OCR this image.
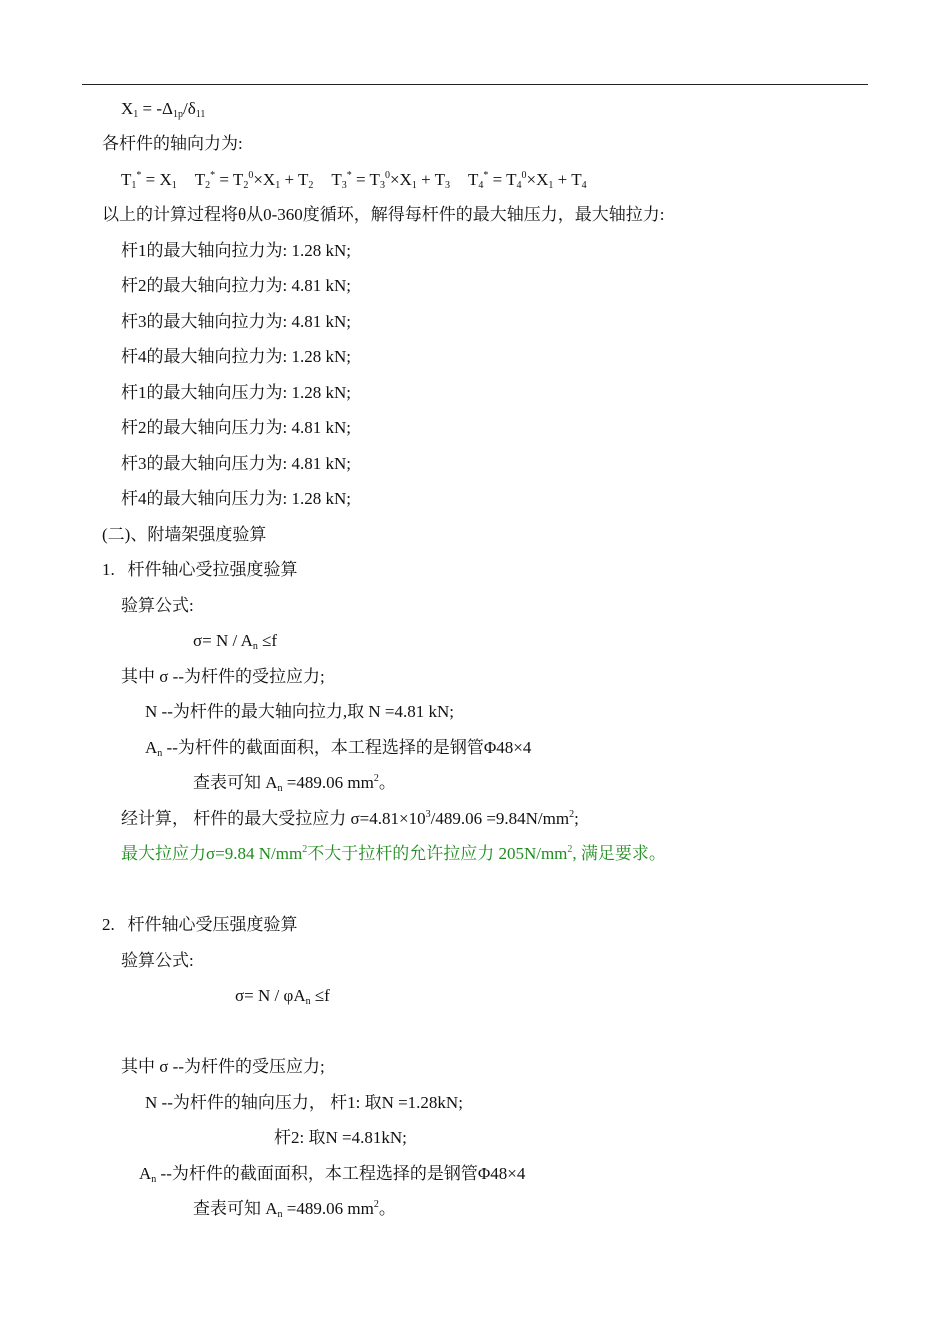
$X_1 = -\Delta_{1p}/\delta_{11}$
各杆件的轴向力为:
$T_1^* = X_1$ $T_2^* = T_2^0\times X_1 + T_2$ $T_3^* = T_3^0\times X_1 + T_3$ $T_4^* = T_4^0\times X_1 + T_4$
以上的计算过程将θ从0-360度循环，解得每杆件的最大轴压力，最大轴拉力:
杆1的最大轴向拉力为: 1.28 kN;
杆2的最大轴向拉力为: 4.81 kN;
杆3的最大轴向拉力为: 4.81 kN;
杆4的最大轴向拉力为: 1.28 kN;
杆1的最大轴向压力为: 1.28 kN;
杆2的最大轴向压力为: 4.81 kN;
杆3的最大轴向压力为: 4.81 kN;
杆4的最大轴向压力为: 1.28 kN;
(二)、附墙架强度验算
1.   杆件轴心受拉强度验算
验算公式:
$\sigma= N / A_n \le f$
其中 σ --为杆件的受拉应力;
N --为杆件的最大轴向拉力,取 N =4.81 kN;
$A_n$ --为杆件的截面面积，本工程选择的是钢管Φ48×4
查表可知 $A_n =489.06$ $mm^2$。
经计算， 杆件的最大受拉应力 $\sigma=4.81\times 10^3/489.06 =9.84N/mm^2$;
最大拉应力σ=9.84 $N/mm^2$不大于拉杆的允许拉应力 $205N/mm^2$, 满足要求。
2.   杆件轴心受压强度验算
验算公式:
$\sigma= N / \varphi A_n \le f$
其中 σ --为杆件的受压应力;
N --为杆件的轴向压力， 杆1: 取N =1.28kN;
杆2: 取N =4.81kN;
$A_n$ --为杆件的截面面积，本工程选择的是钢管Φ48×4
查表可知 $A_n =489.06$ $mm^2$。
